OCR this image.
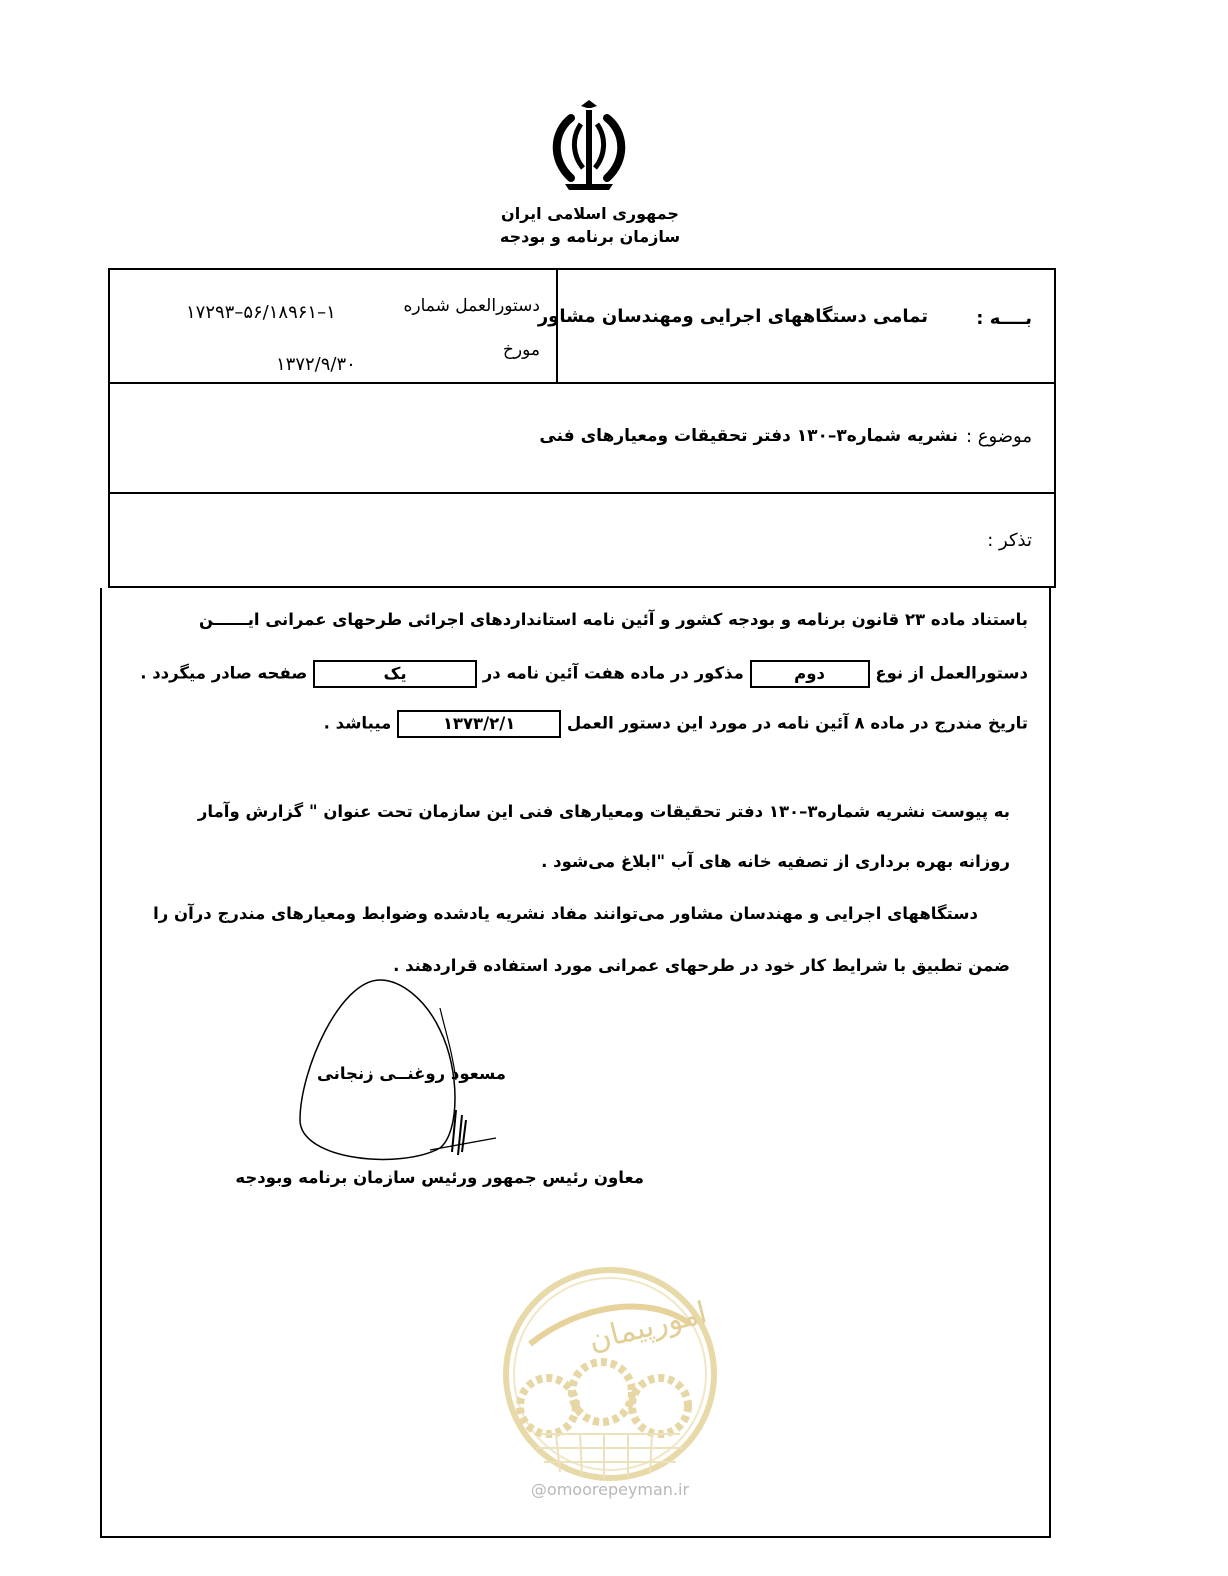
جمهوری اسلامی ایران
سازمان برنامه و بودجه
بــــه :
تمامی دستگاههای اجرایی ومهندسان مشاور
دستورالعمل شماره
۱۷۲۹۳–۵۶/۱۸۹۶۱–۱
مورخ
۱۳۷۲/۹/۳۰
موضوع :
نشریه شماره۳–۱۳۰ دفتر تحقیقات ومعیارهای فنی
تذکر :
باستناد ماده ۲۳ قانون برنامه و بودجه کشور و آئین نامه استانداردهای اجرائی طرحهای عمرانی ایــــــن
دستورالعمل از نوع دوم مذکور در ماده هفت آئین نامه در یک صفحه صادر میگردد .
تاریخ مندرج در ماده ۸ آئین نامه در مورد این دستور العمل ۱۳۷۳/۲/۱ میباشد .
به پیوست نشریه شماره۳–۱۳۰ دفتر تحقیقات ومعیارهای فنی این سازمان تحت عنوان " گزارش وآمار
روزانه بهره برداری از تصفیه خانه های آب "ابلاغ می‌شود .
دستگاههای اجرایی و مهندسان مشاور می‌توانند مفاد نشریه یادشده وضوابط ومعیارهای مندرج درآن را
ضمن تطبیق با شرایط کار خود در طرحهای عمرانی مورد استفاده قراردهند .
مسعود روغنــی زنجانی
معاون رئیس جمهور ورئیس سازمان برنامه وبودجه
امورپیمان
@omoorepeyman.ir
